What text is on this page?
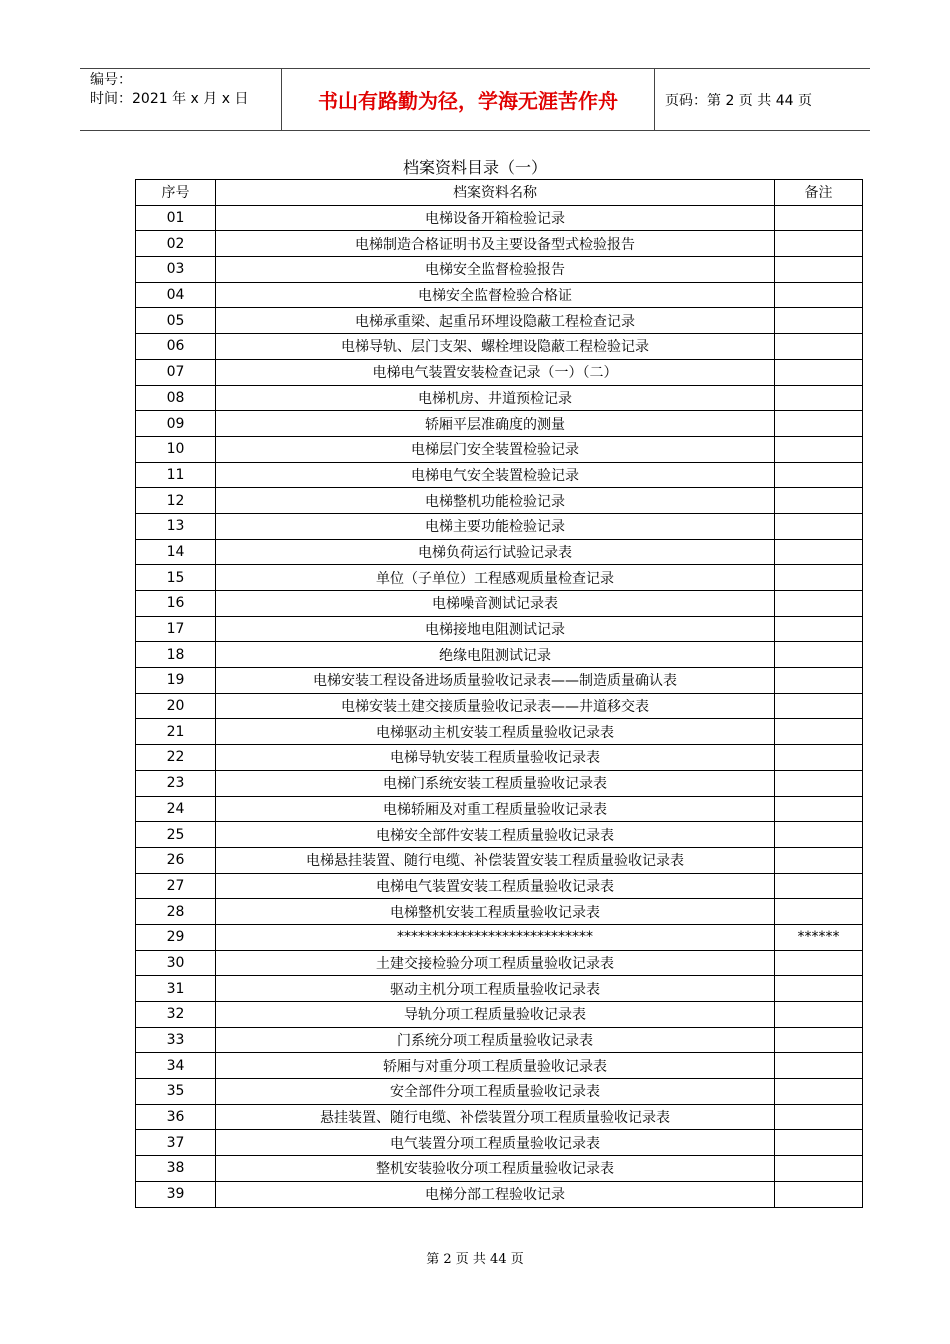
编号：
时间：2021 年 x 月 x 日	书山有路勤为径，学海无涯苦作舟	页码：第 2 页 共 44 页
档案资料目录（一）
序号	档案资料名称	备注
01	电梯设备开箱检验记录	
02	电梯制造合格证明书及主要设备型式检验报告	
03	电梯安全监督检验报告	
04	电梯安全监督检验合格证	
05	电梯承重梁、起重吊环埋设隐蔽工程检查记录	
06	电梯导轨、层门支架、螺栓埋设隐蔽工程检验记录	
07	电梯电气装置安装检查记录（一）（二）	
08	电梯机房、井道预检记录	
09	轿厢平层准确度的测量	
10	电梯层门安全装置检验记录	
11	电梯电气安全装置检验记录	
12	电梯整机功能检验记录	
13	电梯主要功能检验记录	
14	电梯负荷运行试验记录表	
15	单位（子单位）工程感观质量检查记录	
16	电梯噪音测试记录表	
17	电梯接地电阻测试记录	
18	绝缘电阻测试记录	
19	电梯安装工程设备进场质量验收记录表——制造质量确认表	
20	电梯安装土建交接质量验收记录表——井道移交表	
21	电梯驱动主机安装工程质量验收记录表	
22	电梯导轨安装工程质量验收记录表	
23	电梯门系统安装工程质量验收记录表	
24	电梯轿厢及对重工程质量验收记录表	
25	电梯安全部件安装工程质量验收记录表	
26	电梯悬挂装置、随行电缆、补偿装置安装工程质量验收记录表	
27	电梯电气装置安装工程质量验收记录表	
28	电梯整机安装工程质量验收记录表	
29	****************************	******
30	土建交接检验分项工程质量验收记录表	
31	驱动主机分项工程质量验收记录表	
32	导轨分项工程质量验收记录表	
33	门系统分项工程质量验收记录表	
34	轿厢与对重分项工程质量验收记录表	
35	安全部件分项工程质量验收记录表	
36	悬挂装置、随行电缆、补偿装置分项工程质量验收记录表	
37	电气装置分项工程质量验收记录表	
38	整机安装验收分项工程质量验收记录表	
39	电梯分部工程验收记录	
第 2 页 共 44 页
